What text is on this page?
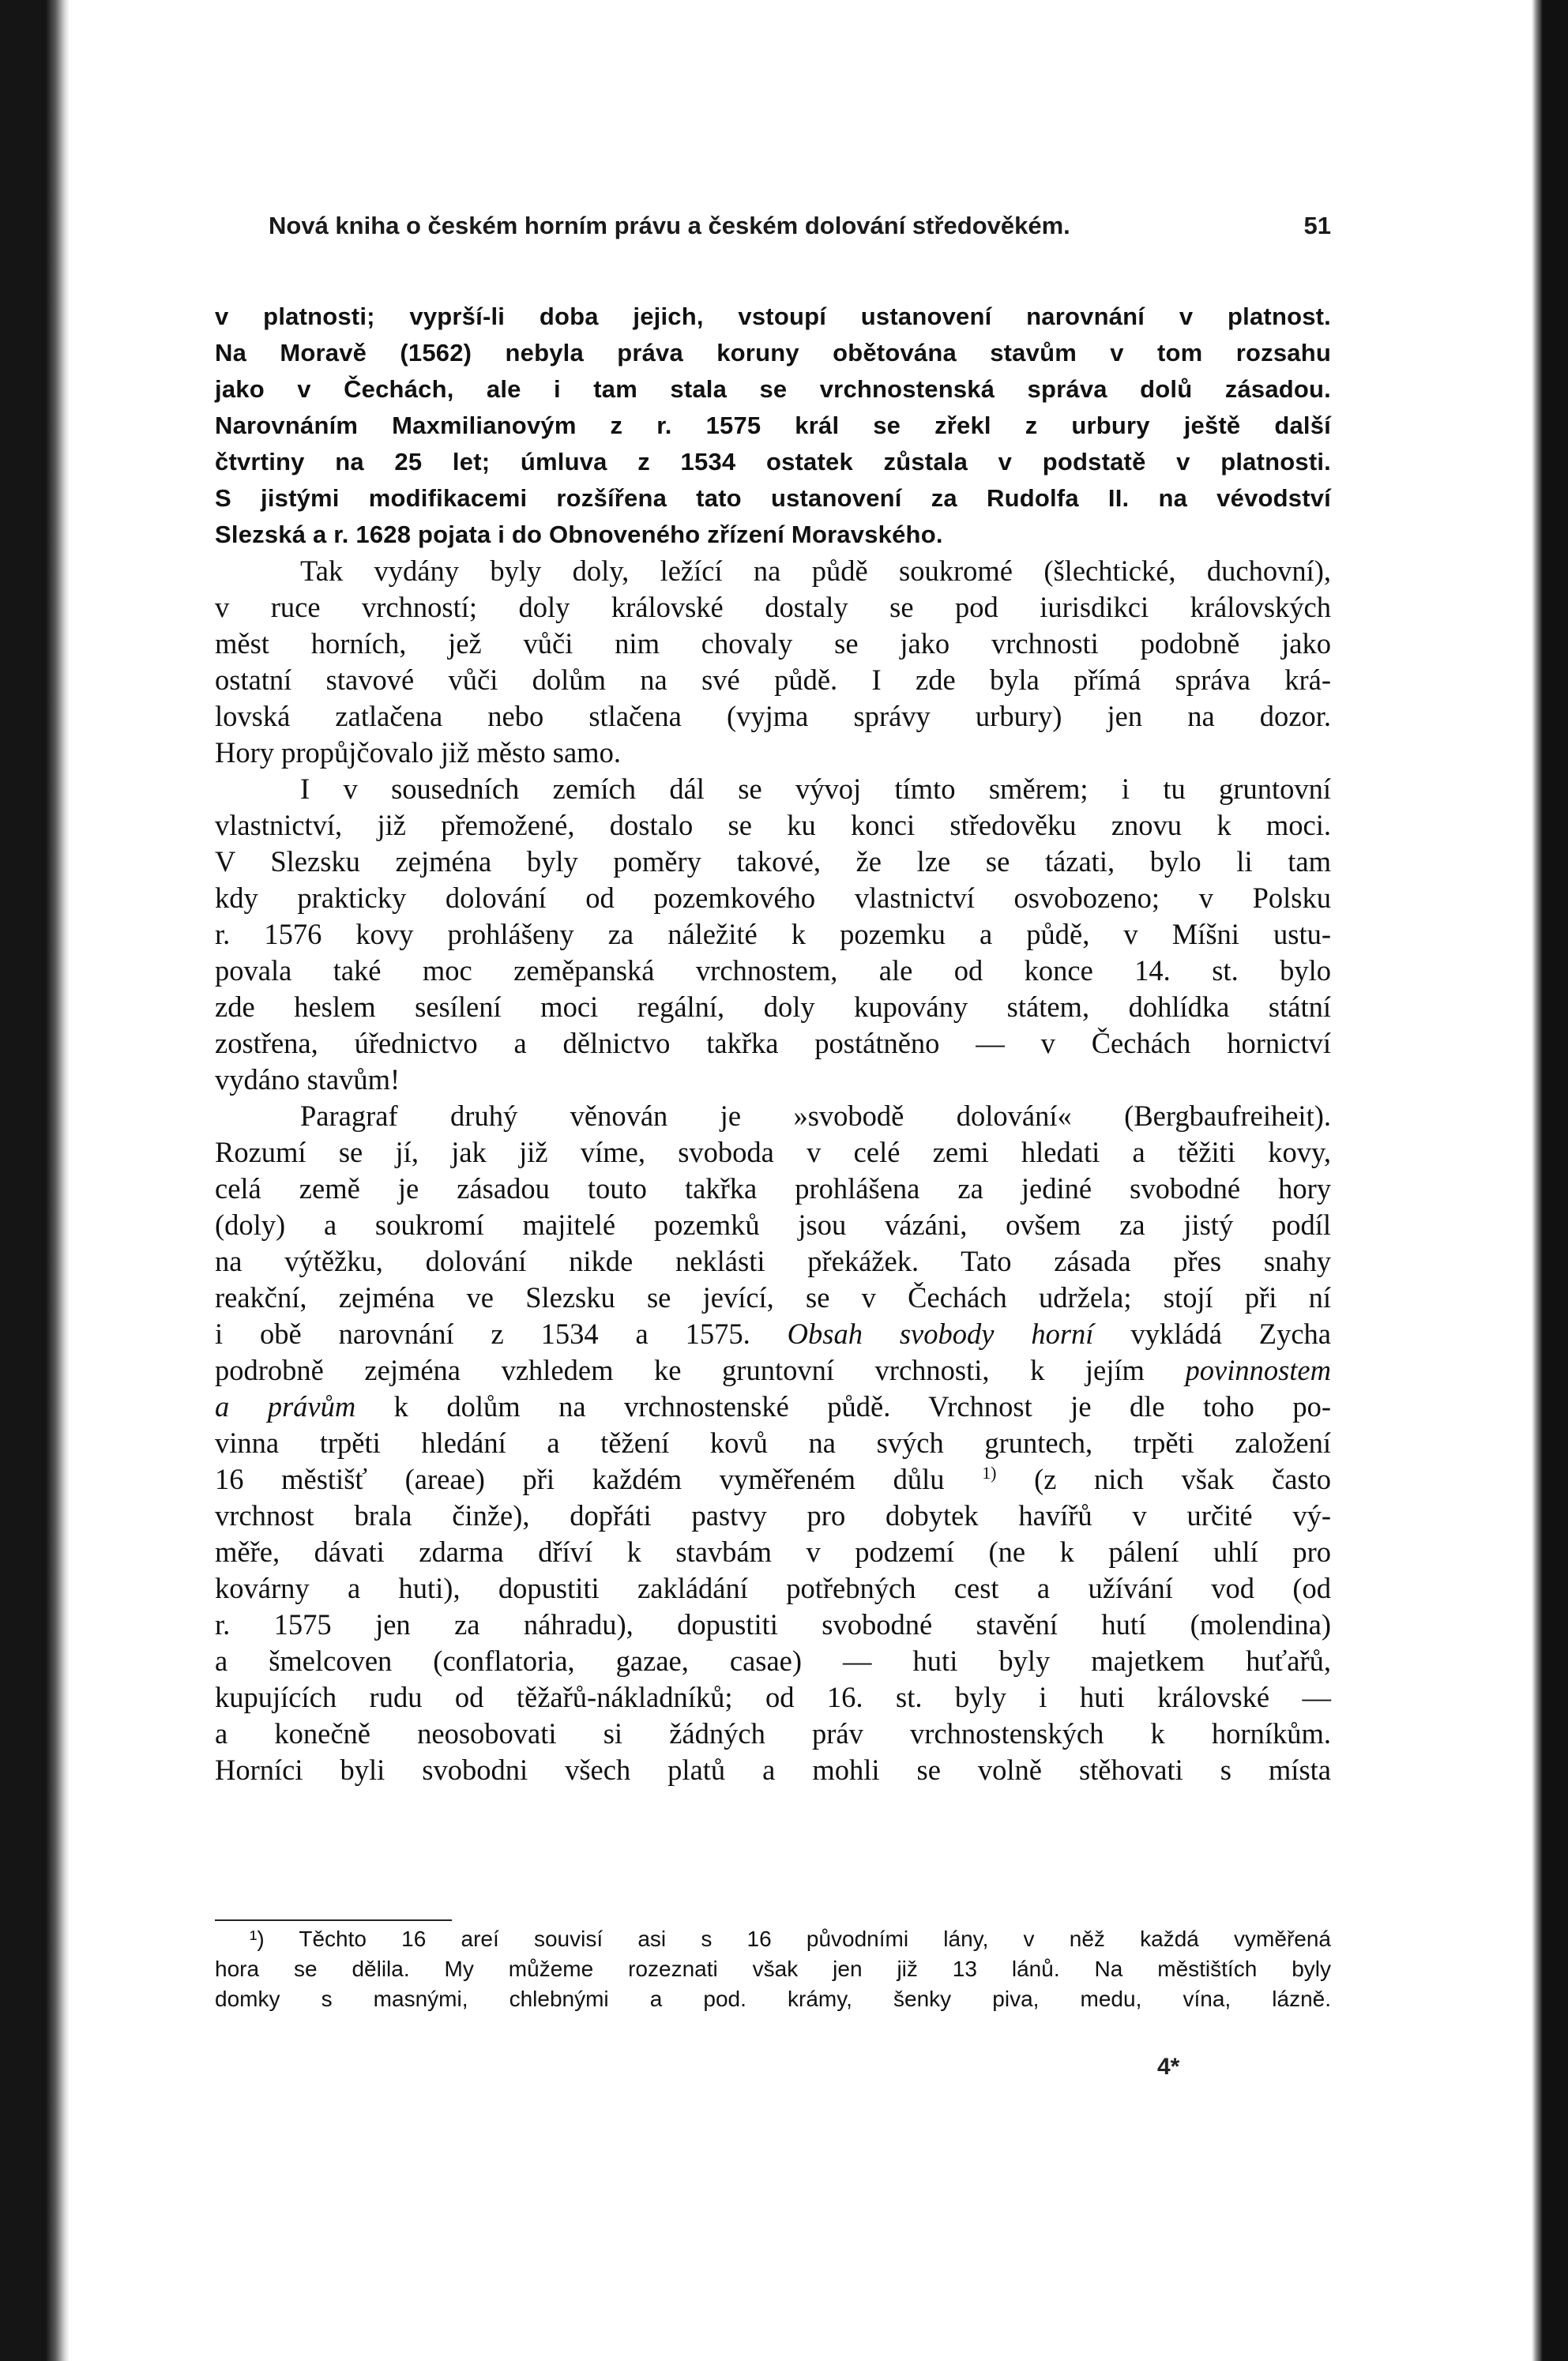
Nová kniha o českém horním právu a českém dolování středověkém.	51
v platnosti; vyprší-li doba jejich, vstoupí ustanovení narovnání v platnost.
Na Moravě (1562) nebyla práva koruny obětována stavům v tom rozsahu
jako v Čechách, ale i tam stala se vrchnostenská správa dolů zásadou.
Narovnáním Maxmilianovým z r. 1575 král se zřekl z urbury ještě další
čtvrtiny na 25 let; úmluva z 1534 ostatek zůstala v podstatě v platnosti.
S jistými modifikacemi rozšířena tato ustanovení za Rudolfa II. na vévodství
Slezská a r. 1628 pojata i do Obnoveného zřízení Moravského.
Tak vydány byly doly, ležící na půdě soukromé (šlechtické, duchovní),
v ruce vrchností; doly královské dostaly se pod iurisdikci královských
měst horních, jež vůči nim chovaly se jako vrchnosti podobně jako
ostatní stavové vůči dolům na své půdě. I zde byla přímá správa krá-
lovská zatlačena nebo stlačena (vyjma správy urbury) jen na dozor.
Hory propůjčovalo již město samo.
I v sousedních zemích dál se vývoj tímto směrem; i tu gruntovní
vlastnictví, již přemožené, dostalo se ku konci středověku znovu k moci.
V Slezsku zejména byly poměry takové, že lze se tázati, bylo li tam
kdy prakticky dolování od pozemkového vlastnictví osvobozeno; v Polsku
r. 1576 kovy prohlášeny za náležité k pozemku a půdě, v Míšni ustu-
povala také moc zeměpanská vrchnostem, ale od konce 14. st. bylo
zde heslem sesílení moci regální, doly kupovány státem, dohlídka státní
zostřena, úřednictvo a dělnictvo takřka postátněno — v Čechách hornictví
vydáno stavům!
Paragraf druhý věnován je »svobodě dolování« (Bergbaufreiheit).
Rozumí se jí, jak již víme, svoboda v celé zemi hledati a těžiti kovy,
celá země je zásadou touto takřka prohlášena za jediné svobodné hory
(doly) a soukromí majitelé pozemků jsou vázáni, ovšem za jistý podíl
na výtěžku, dolování nikde neklásti překážek. Tato zásada přes snahy
reakční, zejména ve Slezsku se jevící, se v Čechách udržela; stojí při ní
i obě narovnání z 1534 a 1575. Obsah svobody horní vykládá Zycha
podrobně zejména vzhledem ke gruntovní vrchnosti, k jejím povinnostem
a právům k dolům na vrchnostenské půdě. Vrchnost je dle toho po-
vinna trpěti hledání a těžení kovů na svých gruntech, trpěti založení
16 městišť (areae) při každém vyměřeném důlu $^{1)}$ (z nich však často
vrchnost brala činže), dopřáti pastvy pro dobytek havířů v určité vý-
měře, dávati zdarma dříví k stavbám v podzemí (ne k pálení uhlí pro
kovárny a huti), dopustiti zakládání potřebných cest a užívání vod (od
r. 1575 jen za náhradu), dopustiti svobodné stavění hutí (molendina)
a šmelcoven (conflatoria, gazae, casae) — huti byly majetkem huťařů,
kupujících rudu od těžařů-nákladníků; od 16. st. byly i huti královské —
a konečně neosobovati si žádných práv vrchnostenských k horníkům.
Horníci byli svobodni všech platů a mohli se volně stěhovati s místa
¹) Těchto 16 areí souvisí asi s 16 původními lány, v něž každá vyměřená
hora se dělila. My můžeme rozeznati však jen již 13 lánů. Na městištích byly
domky s masnými, chlebnými a pod. krámy, šenky piva, medu, vína, lázně.
4*
